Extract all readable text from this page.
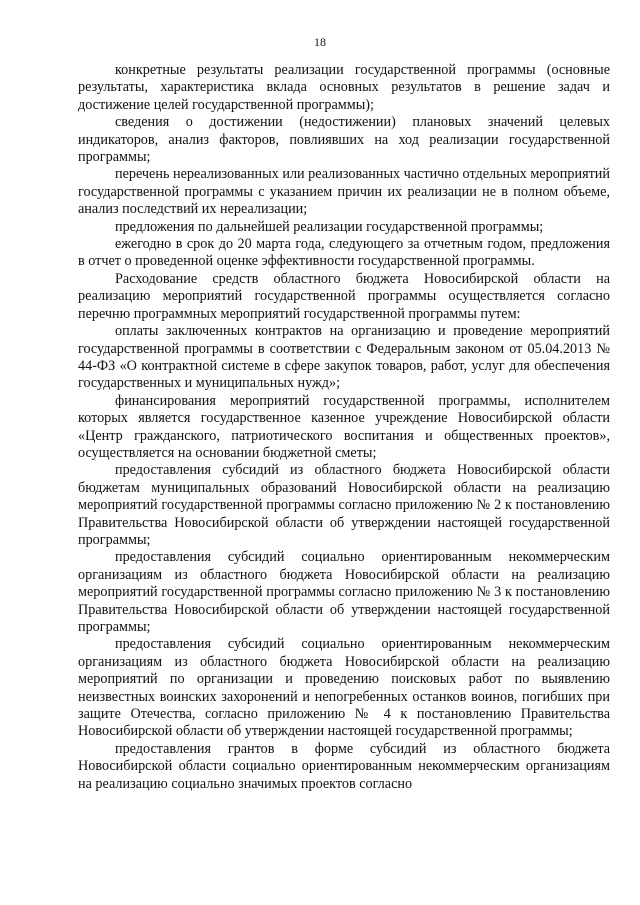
18

конкретные результаты реализации государственной программы (основные результаты, характеристика вклада основных результатов в решение задач и достижение целей государственной программы);

сведения о достижении (недостижении) плановых значений целевых индикаторов, анализ факторов, повлиявших на ход реализации государственной программы;

перечень нереализованных или реализованных частично отдельных мероприятий государственной программы с указанием причин их реализации не в полном объеме, анализ последствий их нереализации;

предложения по дальнейшей реализации государственной программы;

ежегодно в срок до 20 марта года, следующего за отчетным годом, предложения в отчет о проведенной оценке эффективности государственной программы.

Расходование средств областного бюджета Новосибирской области на реализацию мероприятий государственной программы осуществляется согласно перечню программных мероприятий государственной программы путем:

оплаты заключенных контрактов на организацию и проведение мероприятий государственной программы в соответствии с Федеральным законом от 05.04.2013 № 44-ФЗ «О контрактной системе в сфере закупок товаров, работ, услуг для обеспечения государственных и муниципальных нужд»;

финансирования мероприятий государственной программы, исполнителем которых является государственное казенное учреждение Новосибирской области «Центр гражданского, патриотического воспитания и общественных проектов», осуществляется на основании бюджетной сметы;

предоставления субсидий из областного бюджета Новосибирской области бюджетам муниципальных образований Новосибирской области на реализацию мероприятий государственной программы согласно приложению № 2 к постановлению Правительства Новосибирской области об утверждении настоящей государственной программы;

предоставления субсидий социально ориентированным некоммерческим организациям из областного бюджета Новосибирской области на реализацию мероприятий государственной программы согласно приложению № 3 к постановлению Правительства Новосибирской области об утверждении настоящей государственной программы;

предоставления субсидий социально ориентированным некоммерческим организациям из областного бюджета Новосибирской области на реализацию мероприятий по организации и проведению поисковых работ по выявлению неизвестных воинских захоронений и непогребенных останков воинов, погибших при защите Отечества, согласно приложению № 4 к постановлению Правительства Новосибирской области об утверждении настоящей государственной программы;

предоставления грантов в форме субсидий из областного бюджета Новосибирской области социально ориентированным некоммерческим организациям на реализацию социально значимых проектов согласно
